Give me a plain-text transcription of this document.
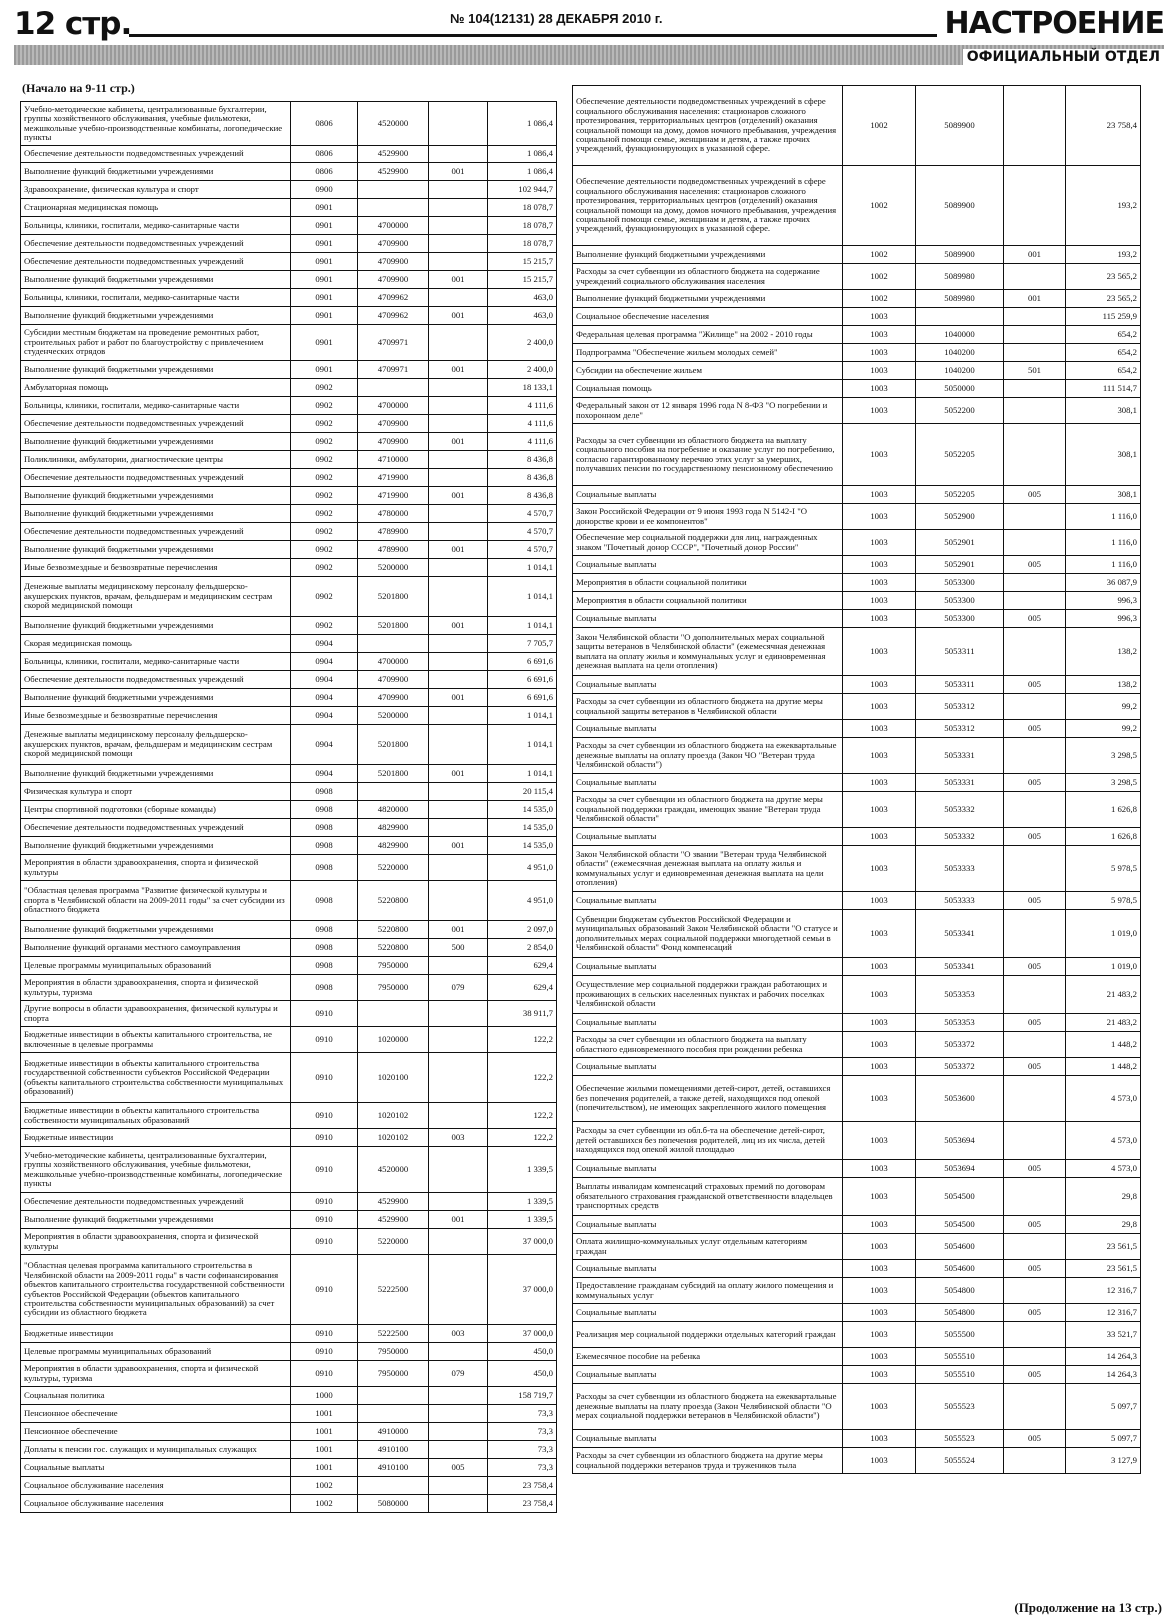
12 стр.	№ 104(12131) 28 ДЕКАБРЯ 2010 г.	НАСТРОЕНИЕ
ОФИЦИАЛЬНЫЙ ОТДЕЛ
(Начало на 9-11 стр.)
Учебно-методические кабинеты, централизованные бухгалтерии, группы хозяйственного обслуживания, учебные фильмотеки, межшкольные учебно-производственные комбинаты, логопедические пункты	0806	4520000		1 086,4
Обеспечение деятельности подведомственных учреждений	0806	4529900		1 086,4
Выполнение функций бюджетными учреждениями	0806	4529900	001	1 086,4
Здравоохранение, физическая культура и спорт	0900			102 944,7
Стационарная медицинская помощь	0901			18 078,7
Больницы, клиники, госпитали, медико-санитарные части	0901	4700000		18 078,7
Обеспечение деятельности подведомственных учреждений	0901	4709900		18 078,7
Обеспечение деятельности подведомственных учреждений	0901	4709900		15 215,7
Выполнение функций бюджетными учреждениями	0901	4709900	001	15 215,7
Больницы, клиники, госпитали, медико-санитарные части	0901	4709962		463,0
Выполнение функций бюджетными учреждениями	0901	4709962	001	463,0
Субсидии местным бюджетам на проведение ремонтных работ, строительных работ и работ по благоустройству с привлечением студенческих отрядов	0901	4709971		2 400,0
Выполнение функций бюджетными учреждениями	0901	4709971	001	2 400,0
Амбулаторная помощь	0902			18 133,1
Больницы, клиники, госпитали, медико-санитарные части	0902	4700000		4 111,6
Обеспечение деятельности подведомственных учреждений	0902	4709900		4 111,6
Выполнение функций бюджетными учреждениями	0902	4709900	001	4 111,6
Поликлиники, амбулатории, диагностические центры	0902	4710000		8 436,8
Обеспечение деятельности подведомственных учреждений	0902	4719900		8 436,8
Выполнение функций бюджетными учреждениями	0902	4719900	001	8 436,8
Выполнение функций бюджетными учреждениями	0902	4780000		4 570,7
Обеспечение деятельности подведомственных учреждений	0902	4789900		4 570,7
Выполнение функций бюджетными учреждениями	0902	4789900	001	4 570,7
Иные безвозмездные и безвозвратные перечисления	0902	5200000		1 014,1
Денежные выплаты медицинскому персоналу фельдшерско-акушерских пунктов, врачам, фельдшерам и медицинским сестрам скорой медицинской помощи	0902	5201800		1 014,1
Выполнение функций бюджетными учреждениями	0902	5201800	001	1 014,1
Скорая медицинская помощь	0904			7 705,7
Больницы, клиники, госпитали, медико-санитарные части	0904	4700000		6 691,6
Обеспечение деятельности подведомственных учреждений	0904	4709900		6 691,6
Выполнение функций бюджетными учреждениями	0904	4709900	001	6 691,6
Иные безвозмездные и безвозвратные перечисления	0904	5200000		1 014,1
Денежные выплаты медицинскому персоналу фельдшерско-акушерских пунктов, врачам, фельдшерам и медицинским сестрам скорой медицинской помощи	0904	5201800		1 014,1
Выполнение функций бюджетными учреждениями	0904	5201800	001	1 014,1
Физическая культура и спорт	0908			20 115,4
Центры спортивной подготовки (сборные команды)	0908	4820000		14 535,0
Обеспечение деятельности подведомственных учреждений	0908	4829900		14 535,0
Выполнение функций бюджетными учреждениями	0908	4829900	001	14 535,0
Мероприятия в области здравоохранения, спорта и физической культуры	0908	5220000		4 951,0
"Областная целевая программа "Развитие физической культуры и спорта в Челябинской области на 2009-2011 годы" за счет субсидии из областного бюджета	0908	5220800		4 951,0
Выполнение функций бюджетными учреждениями	0908	5220800	001	2 097,0
Выполнение функций органами местного самоуправления	0908	5220800	500	2 854,0
Целевые программы муниципальных образований	0908	7950000		629,4
Мероприятия в области здравоохранения, спорта и физической культуры, туризма	0908	7950000	079	629,4
Другие вопросы в области здравоохранения, физической культуры и спорта	0910			38 911,7
Бюджетные инвестиции в объекты капитального строительства, не включенные в целевые программы	0910	1020000		122,2
Бюджетные инвестиции в объекты капитального строительства государственной собственности субъектов Российской Федерации (объекты капитального строительства собственности муниципальных образований)	0910	1020100		122,2
Бюджетные инвестиции в объекты капитального строительства собственности муниципальных образований	0910	1020102		122,2
Бюджетные инвестиции	0910	1020102	003	122,2
Учебно-методические кабинеты, централизованные бухгалтерии, группы хозяйственного обслуживания, учебные фильмотеки, межшкольные учебно-производственные комбинаты, логопедические пункты	0910	4520000		1 339,5
Обеспечение деятельности подведомственных учреждений	0910	4529900		1 339,5
Выполнение функций бюджетными учреждениями	0910	4529900	001	1 339,5
Мероприятия в области здравоохранения, спорта и физической культуры	0910	5220000		37 000,0
"Областная целевая программа капитального строительства в Челябинской области на 2009-2011 годы" в части софинансирования объектов капитального строительства государственной собственности субъектов Российской Федерации (объектов капитального строительства собственности муниципальных образований) за счет субсидии из областного бюджета	0910	5222500		37 000,0
Бюджетные инвестиции	0910	5222500	003	37 000,0
Целевые программы муниципальных образований	0910	7950000		450,0
Мероприятия в области здравоохранения, спорта и физической культуры, туризма	0910	7950000	079	450,0
Социальная политика	1000			158 719,7
Пенсионное обеспечение	1001			73,3
Пенсионное обеспечение	1001	4910000		73,3
Доплаты к пенсии гос. служащих и муниципальных служащих	1001	4910100		73,3
Социальные выплаты	1001	4910100	005	73,3
Социальное обслуживание населения	1002			23 758,4
Социальное обслуживание населения	1002	5080000		23 758,4
Обеспечение деятельности подведомственных учреждений в сфере социального обслуживания населения: стационаров сложного протезирования, территориальных центров (отделений) оказания социальной помощи на дому, домов ночного пребывания, учреждения социальной помощи семье, женщинам и детям, а также прочих учреждений, функционирующих в указанной сфере.	1002	5089900		23 758,4
Обеспечение деятельности подведомственных учреждений в сфере социального обслуживания населения: стационаров сложного протезирования, территориальных центров (отделений) оказания социальной помощи на дому, домов ночного пребывания, учреждения социальной помощи семье, женщинам и детям, а также прочих учреждений, функционирующих в указанной сфере.	1002	5089900		193,2
Выполнение функций бюджетными учреждениями	1002	5089900	001	193,2
Расходы за счет субвенции из областного бюджета на содержание учреждений социального обслуживания населения	1002	5089980		23 565,2
Выполнение функций бюджетными учреждениями	1002	5089980	001	23 565,2
Социальное обеспечение населения	1003			115 259,9
Федеральная целевая программа "Жилище" на 2002 - 2010 годы	1003	1040000		654,2
Подпрограмма "Обеспечение жильем молодых семей"	1003	1040200		654,2
Субсидии на обеспечение жильем	1003	1040200	501	654,2
Социальная помощь	1003	5050000		111 514,7
Федеральный закон от 12 января 1996 года N 8-ФЗ "О погребении и похоронном деле"	1003	5052200		308,1
Расходы за счет субвенции из областного бюджета на выплату социального пособия на погребение и оказание услуг по погребению, согласно гарантированному перечню этих услуг за умерших, получавших пенсии по государственному пенсионному обеспечению	1003	5052205		308,1
Социальные выплаты	1003	5052205	005	308,1
Закон Российской Федерации от 9 июня 1993 года N 5142-I "О донорстве крови и ее компонентов"	1003	5052900		1 116,0
Обеспечение мер социальной поддержки для лиц, награжденных знаком "Почетный донор СССР", "Почетный донор России"	1003	5052901		1 116,0
Социальные выплаты	1003	5052901	005	1 116,0
Мероприятия в области социальной политики	1003	5053300		36 087,9
Мероприятия в области социальной политики	1003	5053300		996,3
Социальные выплаты	1003	5053300	005	996,3
Закон Челябинской области "О дополнительных мерах социальной защиты ветеранов в Челябинской области" (ежемесячная денежная выплата на оплату жилья и коммунальных услуг и единовременная денежная выплата на цели отопления)	1003	5053311		138,2
Социальные выплаты	1003	5053311	005	138,2
Расходы за счет субвенции из областного бюджета на другие меры социальной защиты ветеранов в Челябинской области	1003	5053312		99,2
Социальные выплаты	1003	5053312	005	99,2
Расходы за счет субвенции из областного бюджета на ежеквартальные денежные выплаты на оплату проезда (Закон ЧО "Ветеран труда Челябинской области")	1003	5053331		3 298,5
Социальные выплаты	1003	5053331	005	3 298,5
Расходы за счет субвенции из областного бюджета на другие меры социальной поддержки граждан, имеющих звание "Ветеран труда Челябинской области"	1003	5053332		1 626,8
Социальные выплаты	1003	5053332	005	1 626,8
Закон Челябинской области "О звании "Ветеран труда Челябинской области" (ежемесячная денежная выплата на оплату жилья и коммунальных услуг и единовременная денежная выплата на цели отопления)	1003	5053333		5 978,5
Социальные выплаты	1003	5053333	005	5 978,5
Субвенции бюджетам субъектов Российской Федерации и муниципальных образований Закон Челябинской области "О статусе и дополнительных мерах социальной поддержки многодетной семьи в Челябинской области" Фонд компенсаций	1003	5053341		1 019,0
Социальные выплаты	1003	5053341	005	1 019,0
Осуществление мер социальной поддержки граждан работающих и проживающих в сельских населенных пунктах и рабочих поселках Челябинской области	1003	5053353		21 483,2
Социальные выплаты	1003	5053353	005	21 483,2
Расходы за счет субвенции из областного бюджета на выплату областного единовременного пособия при рождении ребенка	1003	5053372		1 448,2
Социальные выплаты	1003	5053372	005	1 448,2
Обеспечение жилыми помещениями детей-сирот, детей, оставшихся без попечения родителей, а также детей, находящихся под опекой (попечительством), не имеющих закрепленного жилого помещения	1003	5053600		4 573,0
Расходы за счет субвенции из обл.б-та на обеспечение детей-сирот, детей оставшихся без попечения родителей, лиц из их числа, детей находящихся под опекой жилой площадью	1003	5053694		4 573,0
Социальные выплаты	1003	5053694	005	4 573,0
Выплаты инвалидам компенсаций страховых премий по договорам обязательного страхования гражданской ответственности владельцев транспортных средств	1003	5054500		29,8
Социальные выплаты	1003	5054500	005	29,8
Оплата жилищно-коммунальных услуг отдельным категориям граждан	1003	5054600		23 561,5
Социальные выплаты	1003	5054600	005	23 561,5
Предоставление гражданам субсидий на оплату жилого помещения и коммунальных услуг	1003	5054800		12 316,7
Социальные выплаты	1003	5054800	005	12 316,7
Реализация мер социальной поддержки отдельных категорий граждан	1003	5055500		33 521,7
Ежемесячное пособие на ребенка	1003	5055510		14 264,3
Социальные выплаты	1003	5055510	005	14 264,3
Расходы за счет субвенции из областного бюджета на ежеквартальные денежные выплаты на плату проезда (Закон Челябинской области "О мерах социальной поддержки ветеранов в Челябинской области")	1003	5055523		5 097,7
Социальные выплаты	1003	5055523	005	5 097,7
Расходы за счет субвенции из областного бюджета на другие меры социальной поддержки ветеранов труда и тружеников тыла	1003	5055524		3 127,9
(Продолжение на 13 стр.)
